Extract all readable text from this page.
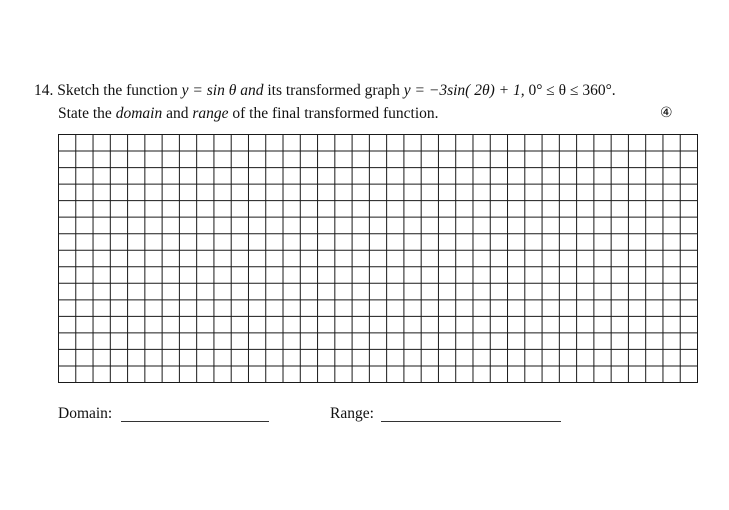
14. Sketch the function y = sin θ and its transformed graph y = −3sin( 2θ) + 1, 0° ≤ θ ≤ 360°.
State the domain and range of the final transformed function.	④
Domain:	Range:
